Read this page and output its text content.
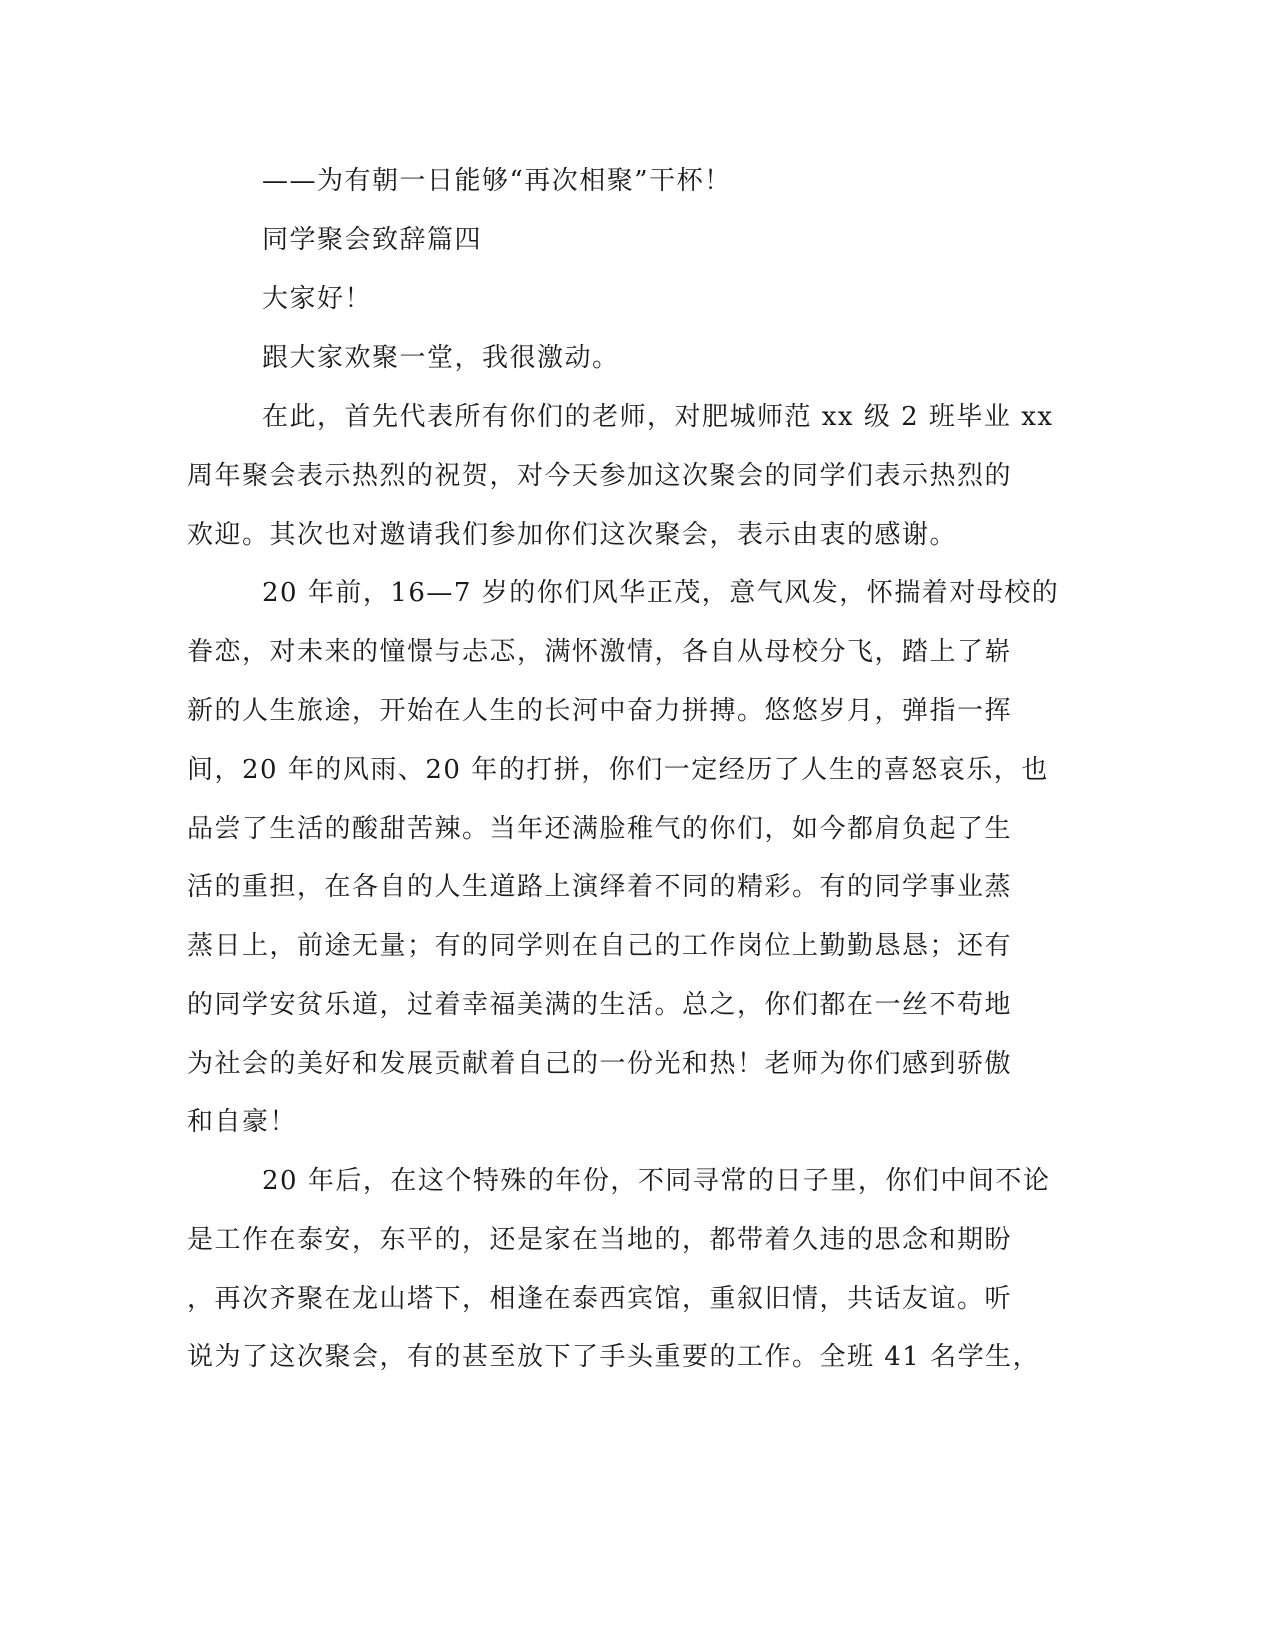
——为有朝一日能够“再次相聚”干杯！
同学聚会致辞篇四
大家好！
跟大家欢聚一堂，我很激动。
在此，首先代表所有你们的老师，对肥城师范 xx 级 2 班毕业 xx
周年聚会表示热烈的祝贺，对今天参加这次聚会的同学们表示热烈的
欢迎。其次也对邀请我们参加你们这次聚会，表示由衷的感谢。
20 年前，16—7 岁的你们风华正茂，意气风发，怀揣着对母校的
眷恋，对未来的憧憬与忐忑，满怀激情，各自从母校分飞，踏上了崭
新的人生旅途，开始在人生的长河中奋力拼搏。悠悠岁月，弹指一挥
间，20 年的风雨、20 年的打拼，你们一定经历了人生的喜怒哀乐，也
品尝了生活的酸甜苦辣。当年还满脸稚气的你们，如今都肩负起了生
活的重担，在各自的人生道路上演绎着不同的精彩。有的同学事业蒸
蒸日上，前途无量；有的同学则在自己的工作岗位上勤勤恳恳；还有
的同学安贫乐道，过着幸福美满的生活。总之，你们都在一丝不苟地
为社会的美好和发展贡献着自己的一份光和热！老师为你们感到骄傲
和自豪！
20 年后，在这个特殊的年份，不同寻常的日子里，你们中间不论
是工作在泰安，东平的，还是家在当地的，都带着久违的思念和期盼
，再次齐聚在龙山塔下，相逢在泰西宾馆，重叙旧情，共话友谊。听
说为了这次聚会，有的甚至放下了手头重要的工作。全班 41 名学生，
